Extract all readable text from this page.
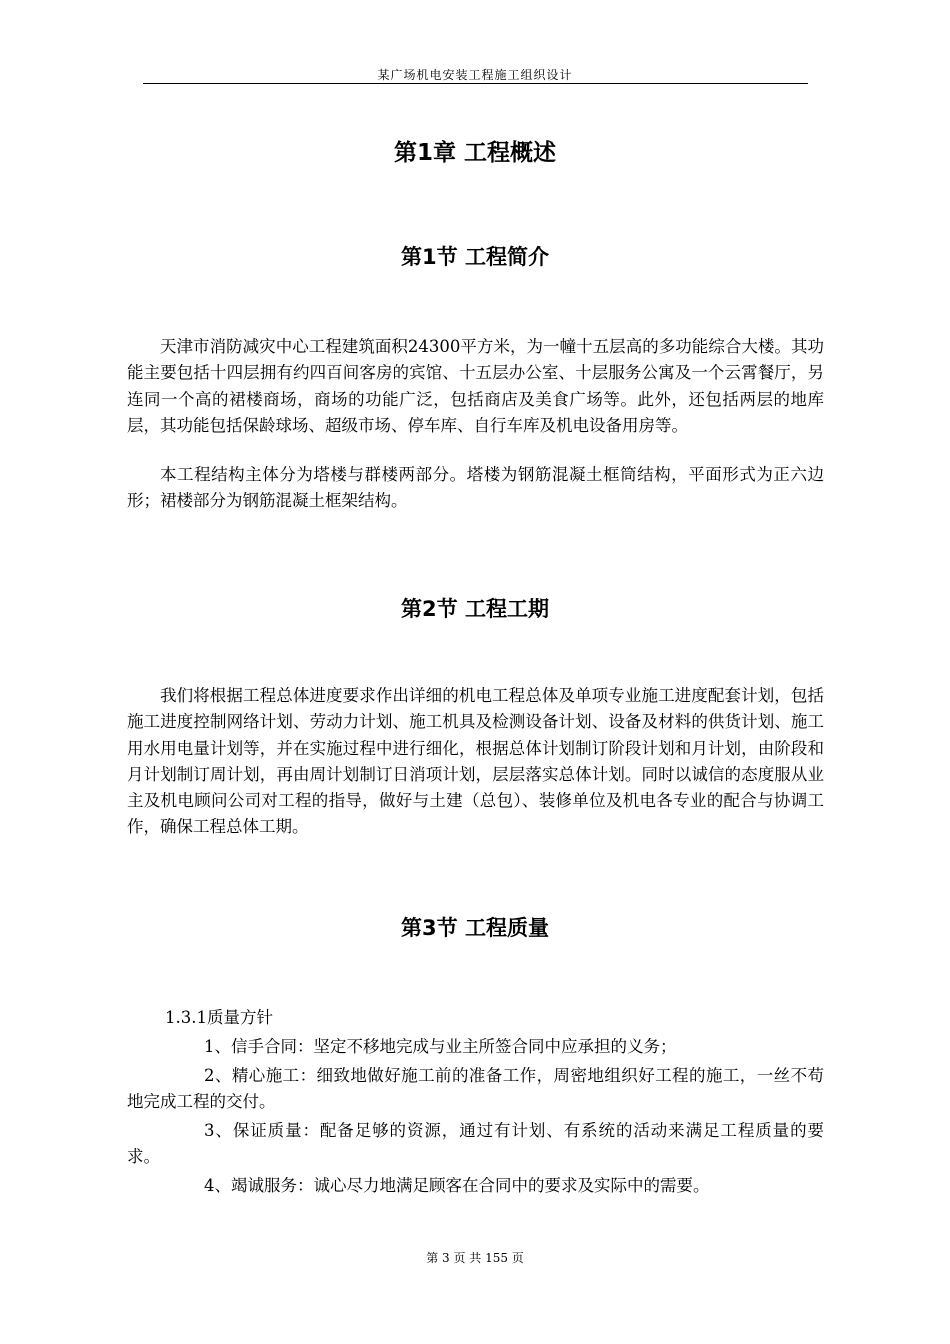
某广场机电安装工程施工组织设计
第1章 工程概述
第1节 工程简介

天津市消防减灾中心工程建筑面积24300平方米，为一幢十五层高的多功能综合大楼。其功能主要包括十四层拥有约四百间客房的宾馆、十五层办公室、十层服务公寓及一个云霄餐厅，另连同一个高的裙楼商场，商场的功能广泛，包括商店及美食广场等。此外，还包括两层的地库层，其功能包括保龄球场、超级市场、停车库、自行车库及机电设备用房等。

本工程结构主体分为塔楼与群楼两部分。塔楼为钢筋混凝土框筒结构，平面形式为正六边形；裙楼部分为钢筋混凝土框架结构。

第2节 工程工期

我们将根据工程总体进度要求作出详细的机电工程总体及单项专业施工进度配套计划，包括施工进度控制网络计划、劳动力计划、施工机具及检测设备计划、设备及材料的供货计划、施工用水用电量计划等，并在实施过程中进行细化，根据总体计划制订阶段计划和月计划，由阶段和月计划制订周计划，再由周计划制订日消项计划，层层落实总体计划。同时以诚信的态度服从业主及机电顾问公司对工程的指导，做好与土建（总包）、装修单位及机电各专业的配合与协调工作，确保工程总体工期。

第3节 工程质量
1.3.1质量方针

1、信手合同：坚定不移地完成与业主所签合同中应承担的义务；

2、精心施工：细致地做好施工前的准备工作，周密地组织好工程的施工，一丝不苟地完成工程的交付。

3、保证质量：配备足够的资源，通过有计划、有系统的活动来满足工程质量的要求。

4、竭诚服务：诚心尽力地满足顾客在合同中的要求及实际中的需要。

第 3 页 共 155 页
